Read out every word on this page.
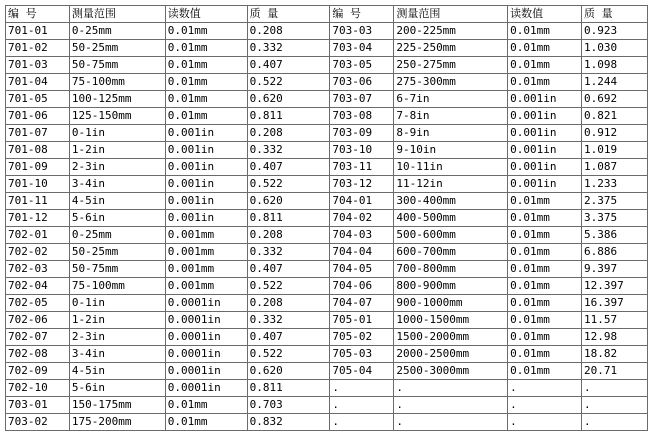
编 号	测量范围	读数值	质 量	编 号	测量范围	读数值	质 量
701-01	0-25mm	0.01mm	0.208	703-03	200-225mm	0.01mm	0.923
701-02	50-25mm	0.01mm	0.332	703-04	225-250mm	0.01mm	1.030
701-03	50-75mm	0.01mm	0.407	703-05	250-275mm	0.01mm	1.098
701-04	75-100mm	0.01mm	0.522	703-06	275-300mm	0.01mm	1.244
701-05	100-125mm	0.01mm	0.620	703-07	6-7in	0.001in	0.692
701-06	125-150mm	0.01mm	0.811	703-08	7-8in	0.001in	0.821
701-07	0-1in	0.001in	0.208	703-09	8-9in	0.001in	0.912
701-08	1-2in	0.001in	0.332	703-10	9-10in	0.001in	1.019
701-09	2-3in	0.001in	0.407	703-11	10-11in	0.001in	1.087
701-10	3-4in	0.001in	0.522	703-12	11-12in	0.001in	1.233
701-11	4-5in	0.001in	0.620	704-01	300-400mm	0.01mm	2.375
701-12	5-6in	0.001in	0.811	704-02	400-500mm	0.01mm	3.375
702-01	0-25mm	0.001mm	0.208	704-03	500-600mm	0.01mm	5.386
702-02	50-25mm	0.001mm	0.332	704-04	600-700mm	0.01mm	6.886
702-03	50-75mm	0.001mm	0.407	704-05	700-800mm	0.01mm	9.397
702-04	75-100mm	0.001mm	0.522	704-06	800-900mm	0.01mm	12.397
702-05	0-1in	0.0001in	0.208	704-07	900-1000mm	0.01mm	16.397
702-06	1-2in	0.0001in	0.332	705-01	1000-1500mm	0.01mm	11.57
702-07	2-3in	0.0001in	0.407	705-02	1500-2000mm	0.01mm	12.98
702-08	3-4in	0.0001in	0.522	705-03	2000-2500mm	0.01mm	18.82
702-09	4-5in	0.0001in	0.620	705-04	2500-3000mm	0.01mm	20.71
702-10	5-6in	0.0001in	0.811	.	.	.	.
703-01	150-175mm	0.01mm	0.703	.	.	.	.
703-02	175-200mm	0.01mm	0.832	.	.	.	.
